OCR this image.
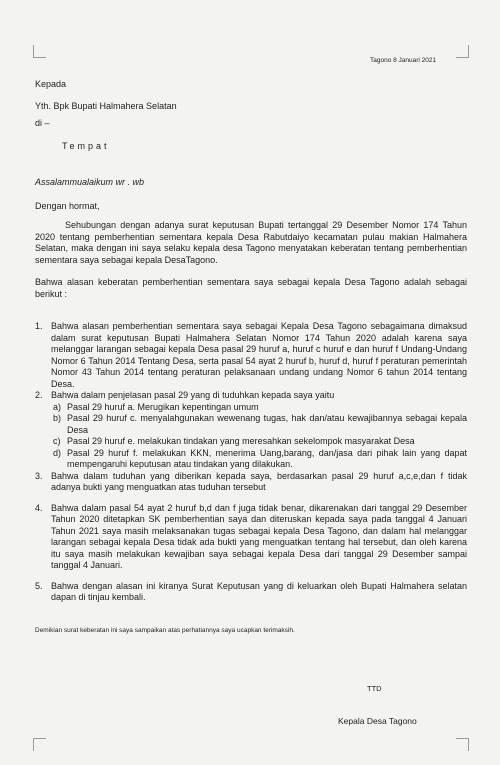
Tagono 8 Januari 2021
Kepada
Yth. Bpk Bupati Halmahera Selatan
di –
Tempat
Assalammualaikum wr . wb
Dengan hormat,
Sehubungan dengan adanya surat keputusan Bupati tertanggal 29 Desember Nomor 174 Tahun 2020 tentang pemberhentian sementara kepala Desa Rabutdaiyo kecamatan pulau makian Halmahera Selatan, maka dengan ini saya selaku kepala desa Tagono menyatakan keberatan tentang pemberhentian sementara saya sebagai kepala DesaTagono.
Bahwa alasan keberatan pemberhentian sementara saya sebagai kepala Desa Tagono adalah sebagai berikut :
1. Bahwa alasan pemberhentian sementara saya sebagai Kepala Desa Tagono sebagaimana dimaksud dalam surat keputusan Bupati Halmahera Selatan Nomor 174 Tahun 2020 adalah karena saya melanggar larangan sebagai kepala Desa pasal 29 huruf a, huruf c huruf e dan huruf f Undang-Undang Nomor 6 Tahun 2014 Tentang Desa, serta pasal 54 ayat 2 huruf b, huruf d, huruf f peraturan pemerintah Nomor 43 Tahun 2014 tentang peraturan pelaksanaan undang undang Nomor 6 tahun 2014 tentang Desa.
2. Bahwa dalam penjelasan pasal 29 yang di tuduhkan kepada saya yaitu
a) Pasal 29 huruf a. Merugikan kepentingan umum
b) Pasal 29 huruf c. menyalahgunakan wewenang tugas, hak dan/atau kewajibannya sebagai kepala Desa
c) Pasal 29 huruf e. melakukan tindakan yang meresahkan sekelompok masyarakat Desa
d) Pasal 29 huruf f. melakukan KKN, menerima Uang,barang, dan/jasa dari pihak lain yang dapat mempengaruhi keputusan atau tindakan yang dilakukan.
3. Bahwa dalam tuduhan yang diberikan kepada saya, berdasarkan pasal 29 huruf a,c,e,dan f tidak adanya bukti yang menguatkan atas tuduhan tersebut
4. Bahwa dalam pasal 54 ayat 2 huruf b,d dan f juga tidak benar, dikarenakan dari tanggal 29 Desember Tahun 2020 ditetapkan SK pemberhentian saya dan diteruskan kepada saya pada tanggal 4 Januari Tahun 2021 saya masih melaksanakan tugas sebagai kepala Desa Tagono, dan dalam hal melanggar larangan sebagai kepala Desa tidak ada bukti yang menguatkan tentang hal tersebut, dan oleh karena itu saya masih melakukan kewajiban saya sebagai kepala Desa dari tanggal 29 Desember sampai tanggal 4 Januari.
5. Bahwa dengan alasan ini kiranya Surat Keputusan yang di keluarkan oleh Bupati Halmahera selatan dapan di tinjau kembali.
Demikian surat keberatan ini saya sampaikan atas perhatiannya saya ucapkan terimaksih.
TTD
Kepala Desa Tagono
